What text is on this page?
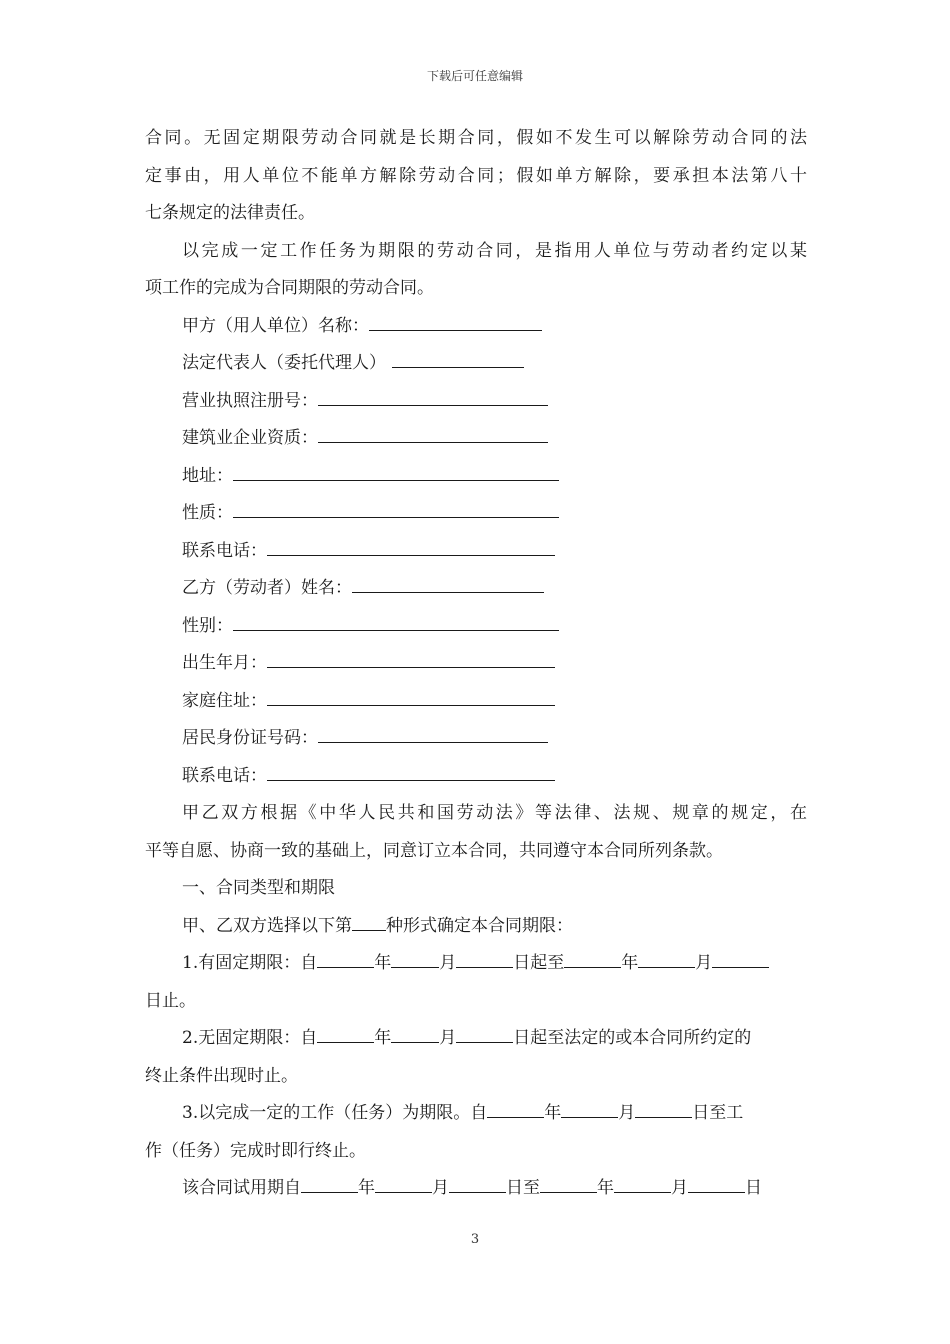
下载后可任意编辑

合同。无固定期限劳动合同就是长期合同，假如不发生可以解除劳动合同的法

定事由，用人单位不能单方解除劳动合同；假如单方解除，要承担本法第八十

七条规定的法律责任。

以完成一定工作任务为期限的劳动合同，是指用人单位与劳动者约定以某

项工作的完成为合同期限的劳动合同。

甲方（用人单位）名称：

法定代表人（委托代理人）

营业执照注册号：

建筑业企业资质：

地址：

性质：

联系电话：

乙方（劳动者）姓名：

性别：

出生年月：

家庭住址：

居民身份证号码：

联系电话：

甲乙双方根据《中华人民共和国劳动法》等法律、法规、规章的规定，在

平等自愿、协商一致的基础上，同意订立本合同，共同遵守本合同所列条款。

一、合同类型和期限

甲、乙双方选择以下第 种形式确定本合同期限：

1.有固定期限：自	年	月	日起至	年	月

日止。

2.无固定期限：自	年	月	日起至法定的或本合同所约定的

终止条件出现时止。

3.以完成一定的工作（任务）为期限。自	年	月	日至工

作（任务）完成时即行终止。

该合同试用期自	年	月	日至	年	月	日

3
